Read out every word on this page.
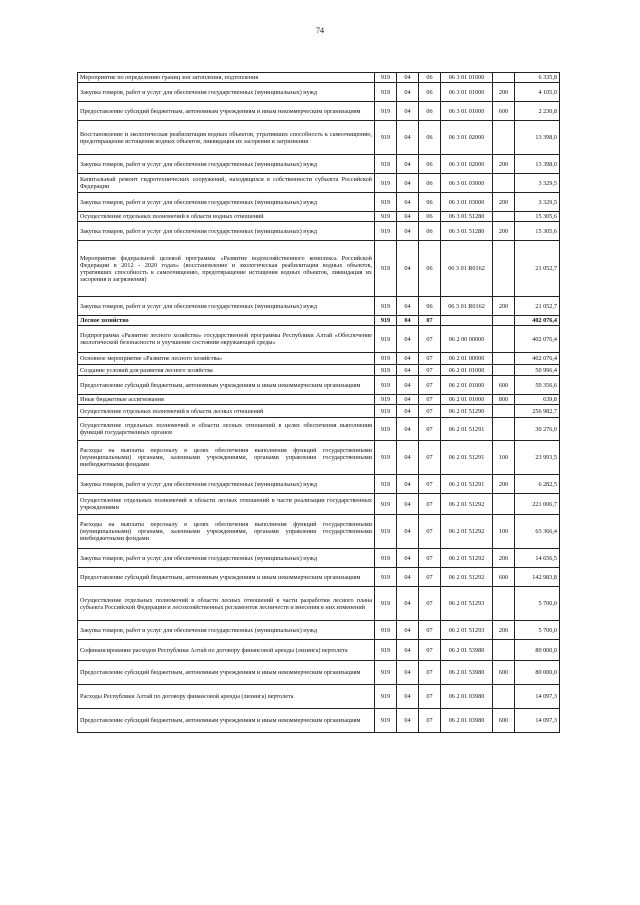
74
Мероприятие по определению границ зон затопления, подтопления	919	04	06	06 3 01 01000		6 335,8
Закупка товаров, работ и услуг для обеспечения государственных (муниципальных) нужд	919	04	06	06 3 01 01000	200	4 105,0
Предоставление субсидий бюджетным, автономным учреждениям и иным некоммерческим организациям	919	04	06	06 3 01 01000	600	2 230,8
Восстановление и экологическая реабилитация водных объектов, утративших способность к самоочищению, предотвращение истощения водных объектов, ликвидация их засорения и загрязнения	919	04	06	06 3 01 02000		13 398,0
Закупка товаров, работ и услуг для обеспечения государственных (муниципальных) нужд	919	04	06	06 3 01 02000	200	13 398,0
Капитальный ремонт гидротехнических сооружений, находящихся в собственности субъекта Российской Федерации	919	04	06	06 3 01 03000		3 329,5
Закупка товаров, работ и услуг для обеспечения государственных (муниципальных) нужд	919	04	06	06 3 01 03000	200	3 329,5
Осуществление отдельных полномочий в области водных отношений	919	04	06	06 3 01 51280		15 305,6
Закупка товаров, работ и услуг для обеспечения государственных (муниципальных) нужд	919	04	06	06 3 01 51280	200	15 305,6
Мероприятия федеральной целевой программы «Развитие водохозяйственного комплекса Российской Федерации в 2012 - 2020 годах» (восстановление и экологическая реабилитация водных объектов, утративших способность к самоочищению, предотвращение истощения водных объектов, ликвидация их засорения и загрязнения)	919	04	06	06 3 01 R0162		21 052,7
Закупка товаров, работ и услуг для обеспечения государственных (муниципальных) нужд	919	04	06	06 3 01 R0162	200	21 052,7
Лесное хозяйство	919	04	07			402 076,4
Подпрограмма «Развитие лесного хозяйства» государственной программы Республики Алтай «Обеспечение экологической безопасности и улучшение состояния окружающей среды»	919	04	07	06 2 00 00000		402 076,4
Основное мероприятие «Развитие лесного хозяйства»	919	04	07	06 2 01 00000		402 076,4
Создание условий для развития лесного хозяйства	919	04	07	06 2 01 01000		50 996,4
Предоставление субсидий бюджетным, автономным учреждениям и иным некоммерческим организациям	919	04	07	06 2 01 01000	600	50 356,6
Иные бюджетные ассигнования	919	04	07	06 2 01 01000	800	639,8
Осуществление отдельных полномочий в области лесных отношений	919	04	07	06 2 01 51290		256 982,7
Осуществление отдельных полномочий в области лесных отношений в целях обеспечения выполнения функций государственных органов	919	04	07	06 2 01 51291		30 276,0
Расходы на выплаты персоналу в целях обеспечения выполнения функций государственными (муниципальными) органами, казенными учреждениями, органами управления государственными внебюджетными фондами	919	04	07	06 2 01 51291	100	23 993,5
Закупка товаров, работ и услуг для обеспечения государственных (муниципальных) нужд	919	04	07	06 2 01 51291	200	6 282,5
Осуществление отдельных полномочий в области лесных отношений в части реализации государственных учреждениями	919	04	07	06 2 01 51292		221 006,7
Расходы на выплаты персоналу в целях обеспечения выполнения функций государственными (муниципальными) органами, казенными учреждениями, органами управления государственными внебюджетными фондами	919	04	07	06 2 01 51292	100	63 366,4
Закупка товаров, работ и услуг для обеспечения государственных (муниципальных) нужд	919	04	07	06 2 01 51292	200	14 656,5
Предоставление субсидий бюджетным, автономным учреждениям и иным некоммерческим организациям	919	04	07	06 2 01 51292	600	142 983,8
Осуществление отдельных полномочий в области лесных отношений в части разработки лесного плана субъекта Российской Федерации и лесохозяйственных регламентов лесничеств и внесения в них изменений	919	04	07	06 2 01 51293		5 700,0
Закупка товаров, работ и услуг для обеспечения государственных (муниципальных) нужд	919	04	07	06 2 01 51293	200	5 700,0
Софинансирование расходов Республики Алтай по договору финансовой аренды (лизинга) вертолета	919	04	07	06 2 01 53980		80 000,0
Предоставление субсидий бюджетным, автономным учреждениям и иным некоммерческим организациям	919	04	07	06 2 01 53980	600	80 000,0
Расходы Республики Алтай по договору финансовой аренды (лизинга) вертолета	919	04	07	06 2 01 03980		14 097,3
Предоставление субсидий бюджетным, автономным учреждениям и иным некоммерческим организациям	919	04	07	06 2 01 03980	600	14 097,3
